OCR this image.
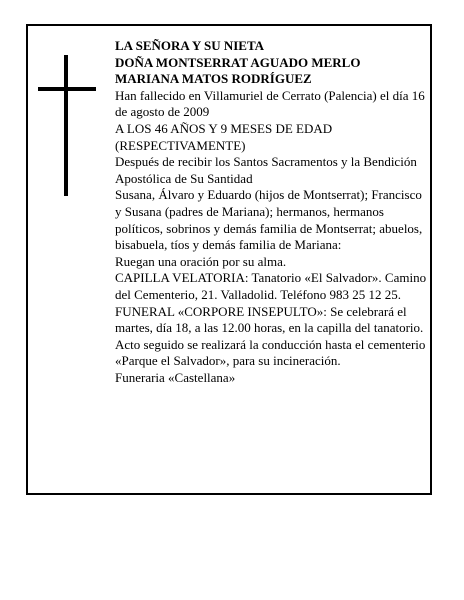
LA SEÑORA Y SU NIETA

DOÑA MONTSERRAT AGUADO MERLO

MARIANA MATOS RODRÍGUEZ

Han fallecido en Villamuriel de Cerrato (Palencia) el día 16 de agosto de 2009

A LOS 46 AÑOS Y 9 MESES DE EDAD (RESPECTIVAMENTE)

Después de recibir los Santos Sacramentos y la Bendición Apostólica de Su Santidad

Susana, Álvaro y Eduardo (hijos de Montserrat); Francisco y Susana (padres de Mariana); hermanos, hermanos políticos, sobrinos y demás familia de Montserrat; abuelos, bisabuela, tíos y demás familia de Mariana:

Ruegan una oración por su alma.

CAPILLA VELATORIA: Tanatorio «El Salvador». Camino del Cementerio, 21. Valladolid. Teléfono 983 25 12 25.

FUNERAL «CORPORE INSEPULTO»: Se celebrará el martes, día 18, a las 12.00 horas, en la capilla del tanatorio. Acto seguido se realizará la conducción hasta el cementerio «Parque el Salvador», para su incineración.

Funeraria «Castellana»
